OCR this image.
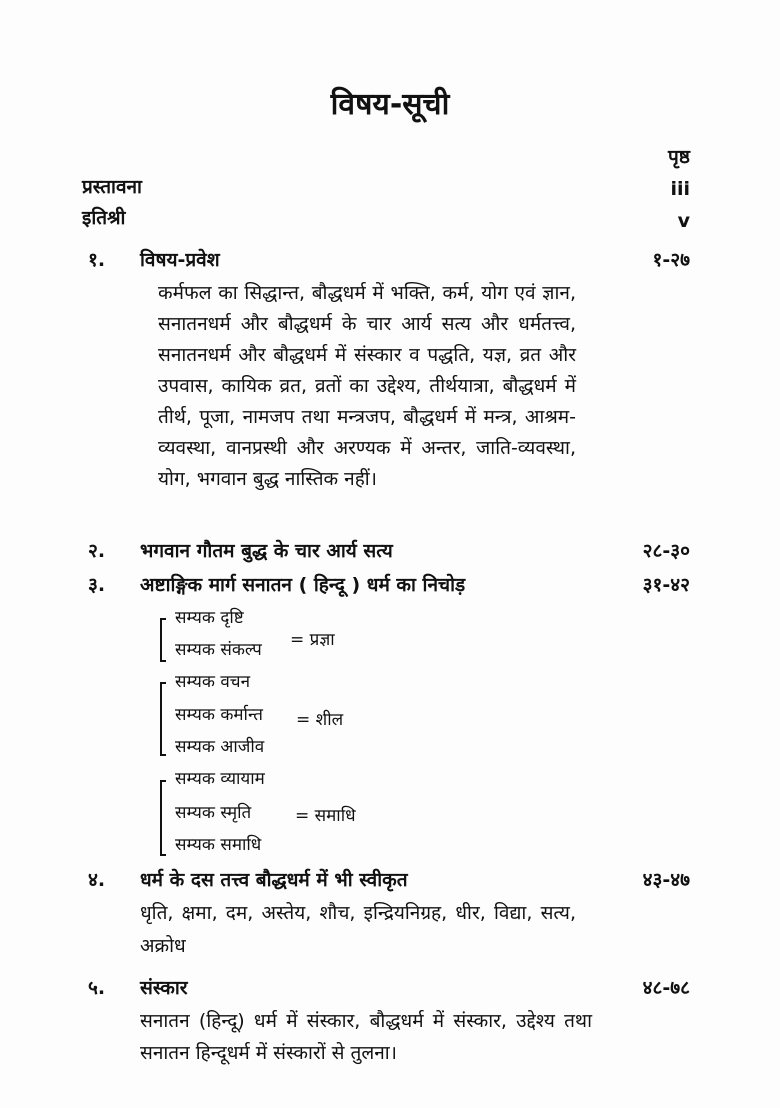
विषय-सूची
पृष्ठ
प्रस्तावना	iii
इतिश्री	v
१. विषय-प्रवेश	१-२७
कर्मफल का सिद्धान्त, बौद्धधर्म में भक्ति, कर्म, योग एवं ज्ञान, सनातनधर्म और बौद्धधर्म के चार आर्य सत्य और धर्मतत्त्व, सनातनधर्म और बौद्धधर्म में संस्कार व पद्धति, यज्ञ, व्रत और उपवास, कायिक व्रत, व्रतों का उद्देश्य, तीर्थयात्रा, बौद्धधर्म में तीर्थ, पूजा, नामजप तथा मन्त्रजप, बौद्धधर्म में मन्त्र, आश्रम-व्यवस्था, वानप्रस्थी और अरण्यक में अन्तर, जाति-व्यवस्था, योग, भगवान बुद्ध नास्तिक नहीं।
२. भगवान गौतम बुद्ध के चार आर्य सत्य	२८-३०
३. अष्टाङ्गिक मार्ग सनातन ( हिन्दू ) धर्म का निचोड़	३१-४२
सम्यक दृष्टि
सम्यक संकल्प = प्रज्ञा
सम्यक वचन
सम्यक कर्मान्त
सम्यक आजीव
= शील
सम्यक व्यायाम
सम्यक स्मृति
सम्यक समाधि
= समाधि
४. धर्म के दस तत्त्व बौद्धधर्म में भी स्वीकृत	४३-४७
धृति, क्षमा, दम, अस्तेय, शौच, इन्द्रियनिग्रह, धीर, विद्या, सत्य, अक्रोध
५. संस्कार	४८-७८
सनातन (हिन्दू) धर्म में संस्कार, बौद्धधर्म में संस्कार, उद्देश्य तथा सनातन हिन्दूधर्म में संस्कारों से तुलना।
